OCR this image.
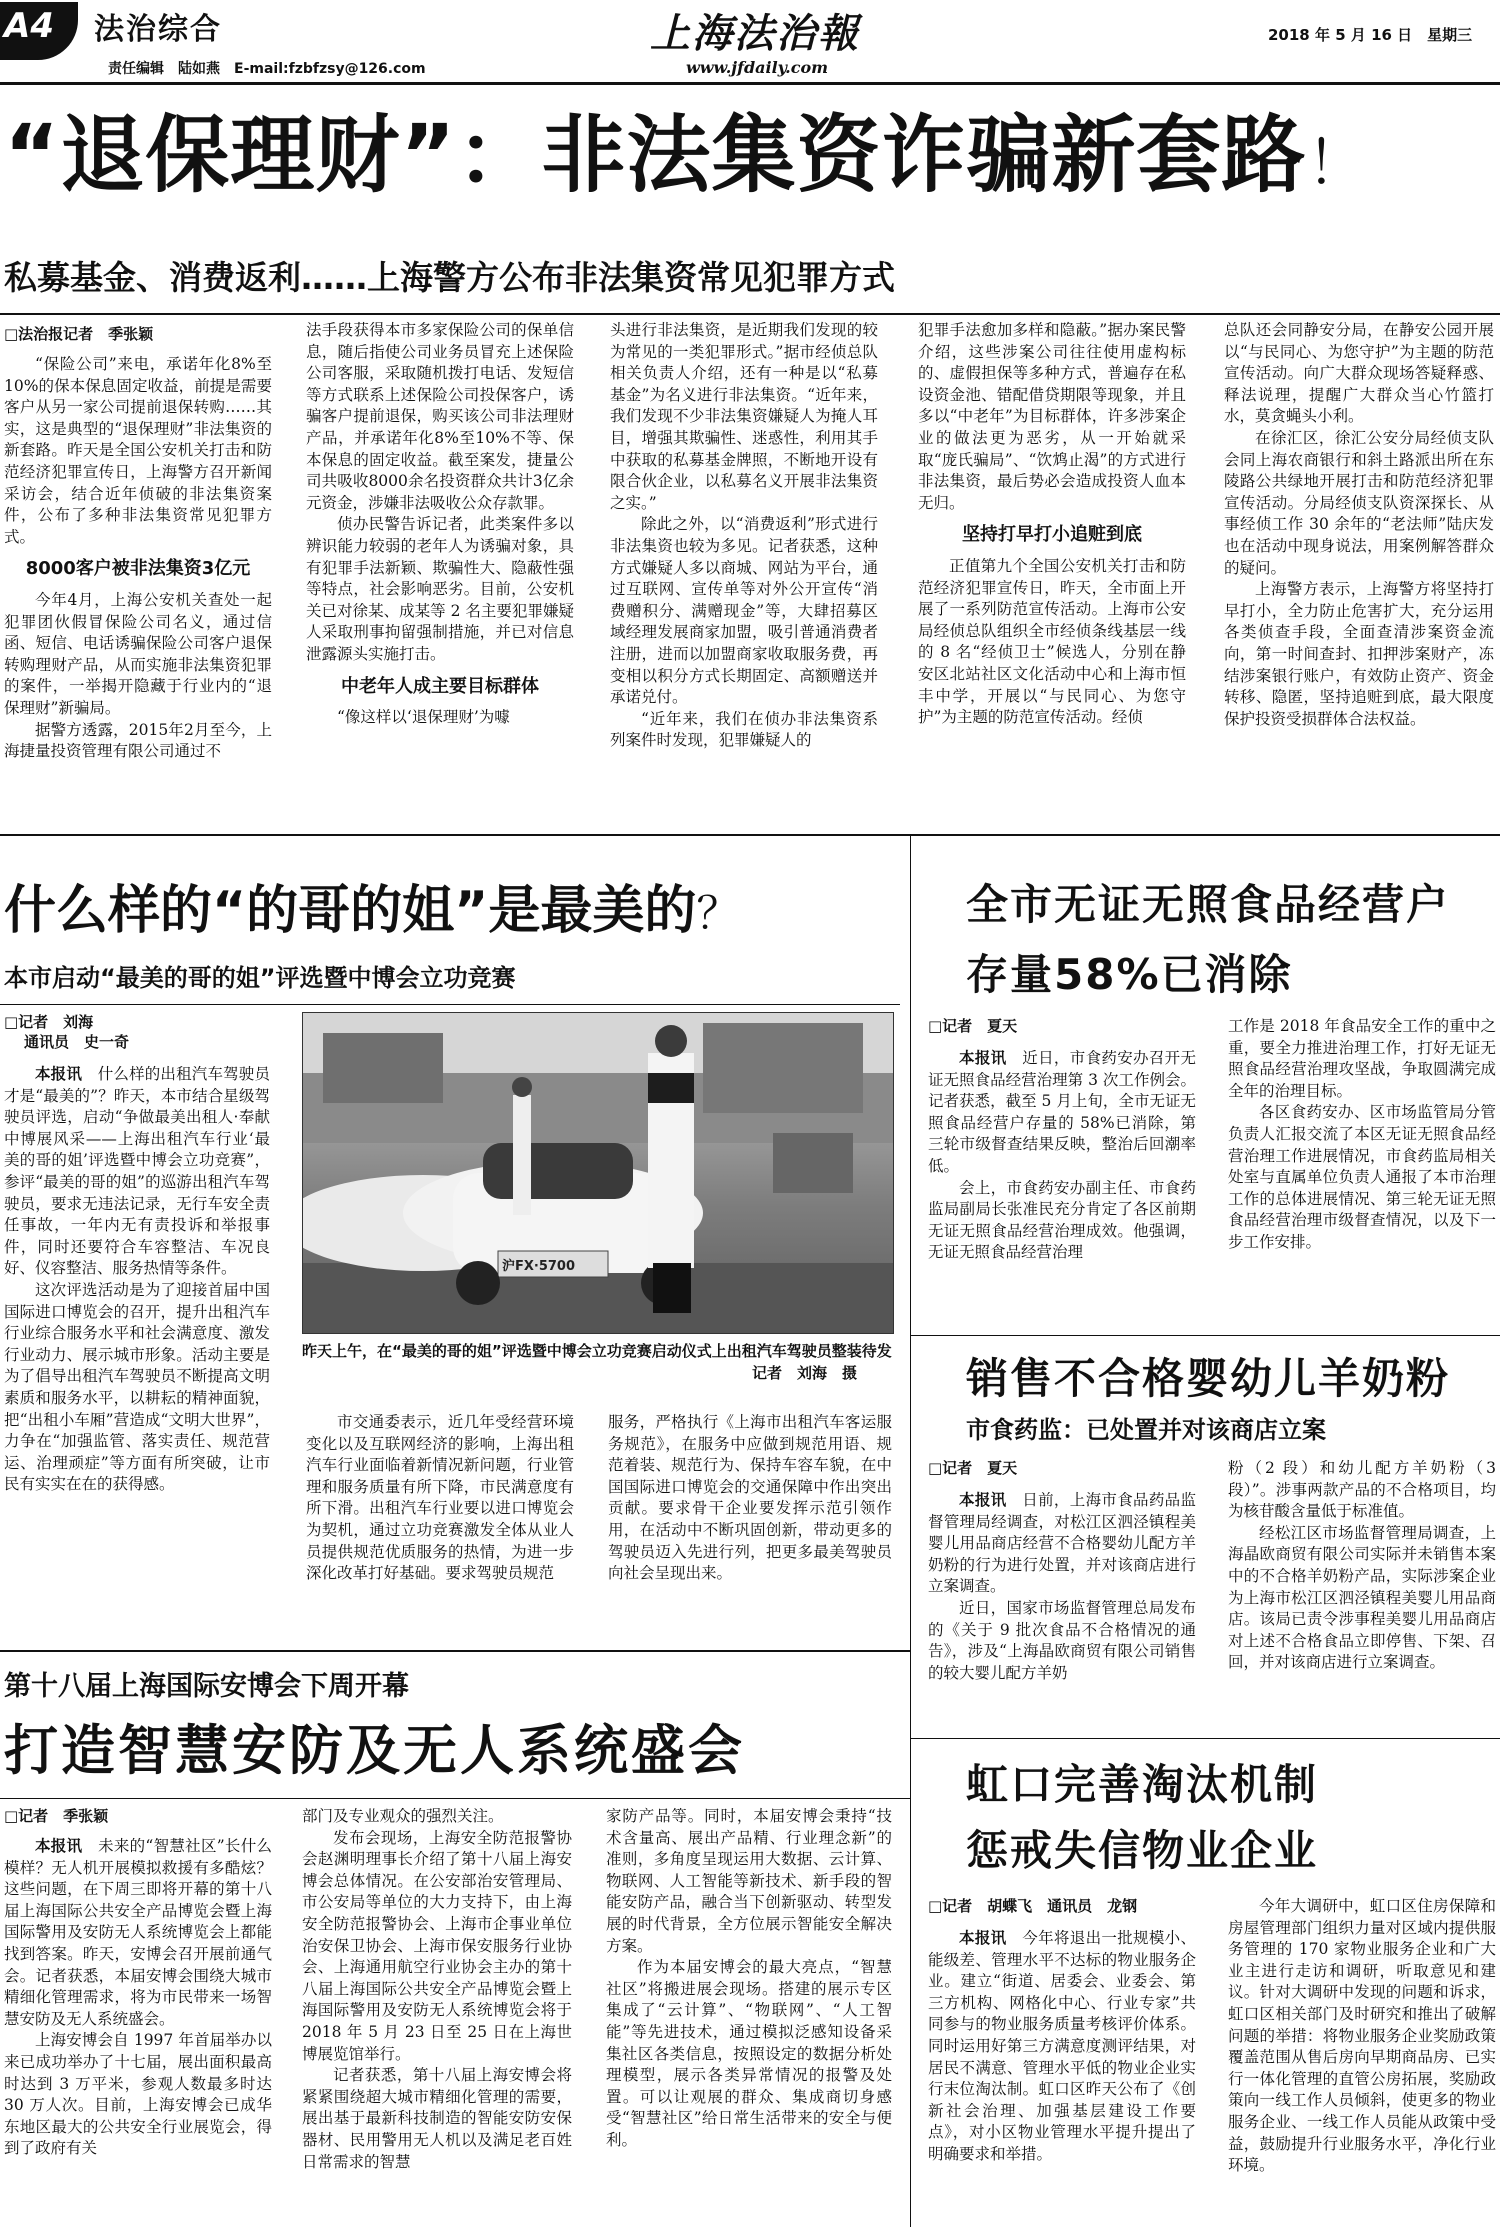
A4 法治综合
责任编辑　陆如燕　E-mail:fzbfzsy@126.com
上海法治報
www.jfdaily.com
2018 年 5 月 16 日　星期三
“退保理财”：非法集资诈骗新套路！
私募基金、消费返利……上海警方公布非法集资常见犯罪方式
□法治报记者　季张颖

“保险公司”来电，承诺年化8%至10%的保本保息固定收益，前提是需要客户从另一家公司提前退保转购……其实，这是典型的“退保理财”非法集资的新套路。昨天是全国公安机关打击和防范经济犯罪宣传日，上海警方召开新闻采访会，结合近年侦破的非法集资案件，公布了多种非法集资常见犯罪方式。

8000客户被非法集资3亿元

今年4月，上海公安机关查处一起犯罪团伙假冒保险公司名义，通过信函、短信、电话诱骗保险公司客户退保转购理财产品，从而实施非法集资犯罪的案件，一举揭开隐藏于行业内的“退保理财”新骗局。

据警方透露，2015年2月至今，上海捷量投资管理有限公司通过不

法手段获得本市多家保险公司的保单信息，随后指使公司业务员冒充上述保险公司客服，采取随机拨打电话、发短信等方式联系上述保险公司投保客户，诱骗客户提前退保，购买该公司非法理财产品，并承诺年化8%至10%不等、保本保息的固定收益。截至案发，捷量公司共吸收8000余名投资群众共计3亿余元资金，涉嫌非法吸收公众存款罪。

侦办民警告诉记者，此类案件多以辨识能力较弱的老年人为诱骗对象，具有犯罪手法新颖、欺骗性大、隐蔽性强等特点，社会影响恶劣。目前，公安机关已对徐某、成某等 2 名主要犯罪嫌疑人采取刑事拘留强制措施，并已对信息泄露源头实施打击。

中老年人成主要目标群体

“像这样以‘退保理财’为噱

头进行非法集资，是近期我们发现的较为常见的一类犯罪形式。”据市经侦总队相关负责人介绍，还有一种是以“私募基金”为名义进行非法集资。“近年来，我们发现不少非法集资嫌疑人为掩人耳目，增强其欺骗性、迷惑性，利用其手中获取的私募基金牌照，不断地开设有限合伙企业，以私募名义开展非法集资之实。”

除此之外，以“消费返利”形式进行非法集资也较为多见。记者获悉，这种方式嫌疑人多以商城、网站为平台，通过互联网、宣传单等对外公开宣传“消费赠积分、满赠现金”等，大肆招募区域经理发展商家加盟，吸引普通消费者注册，进而以加盟商家收取服务费，再变相以积分方式长期固定、高额赠送并承诺兑付。

“近年来，我们在侦办非法集资系列案件时发现，犯罪嫌疑人的

犯罪手法愈加多样和隐蔽。”据办案民警介绍，这些涉案公司往往使用虚构标的、虚假担保等多种方式，普遍存在私设资金池、错配借贷期限等现象，并且多以“中老年”为目标群体，许多涉案企业的做法更为恶劣，从一开始就采取“庞氏骗局”、“饮鸩止渴”的方式进行非法集资，最后势必会造成投资人血本无归。

坚持打早打小追赃到底

正值第九个全国公安机关打击和防范经济犯罪宣传日，昨天，全市面上开展了一系列防范宣传活动。上海市公安局经侦总队组织全市经侦条线基层一线的 8 名“经侦卫士”候选人，分别在静安区北站社区文化活动中心和上海市恒丰中学，开展以“与民同心、为您守护”为主题的防范宣传活动。经侦

总队还会同静安分局，在静安公园开展以“与民同心、为您守护”为主题的防范宣传活动。向广大群众现场答疑释惑、释法说理，提醒广大群众当心竹篮打水，莫贪蝇头小利。

在徐汇区，徐汇公安分局经侦支队会同上海农商银行和斜土路派出所在东陵路公共绿地开展打击和防范经济犯罪宣传活动。分局经侦支队资深探长、从事经侦工作 30 余年的“老法师”陆庆发也在活动中现身说法，用案例解答群众的疑问。

上海警方表示，上海警方将坚持打早打小，全力防止危害扩大，充分运用各类侦查手段，全面查清涉案资金流向，第一时间查封、扣押涉案财产，冻结涉案银行账户，有效防止资产、资金转移、隐匿，坚持追赃到底，最大限度保护投资受损群体合法权益。

什么样的“的哥的姐”是最美的？
本市启动“最美的哥的姐”评选暨中博会立功竞赛
□记者　刘海
通讯员　史一奇

本报讯　 什么样的出租汽车驾驶员才是“最美的”？昨天，本市结合星级驾驶员评选，启动“争做最美出租人·奉献中博展风采——上海出租汽车行业‘最美的哥的姐’评选暨中博会立功竞赛”，参评“最美的哥的姐”的巡游出租汽车驾驶员，要求无违法记录，无行车安全责任事故，一年内无有责投诉和举报事件，同时还要符合车容整洁、车况良好、仪容整洁、服务热情等条件。

这次评选活动是为了迎接首届中国国际进口博览会的召开，提升出租汽车行业综合服务水平和社会满意度、激发行业动力、展示城市形象。活动主要是为了倡导出租汽车驾驶员不断提高文明素质和服务水平，以耕耘的精神面貌，把“出租小车厢”营造成“文明大世界”，力争在“加强监管、落实责任、规范营运、治理顽症”等方面有所突破，让市民有实实在在的获得感。

沪FX·5700
昨天上午，在“最美的哥的姐”评选暨中博会立功竞赛启动仪式上出租汽车驾驶员整装待发
记者　刘海　摄

市交通委表示，近几年受经营环境变化以及互联网经济的影响，上海出租汽车行业面临着新情况新问题，行业管理和服务质量有所下降，市民满意度有所下滑。出租汽车行业要以进口博览会为契机，通过立功竞赛激发全体从业人员提供规范优质服务的热情，为进一步深化改革打好基础。要求驾驶员规范

服务，严格执行《上海市出租汽车客运服务规范》，在服务中应做到规范用语、规范着装、规范行为、保持车容车貌，在中国国际进口博览会的交通保障中作出突出贡献。要求骨干企业要发挥示范引领作用，在活动中不断巩固创新，带动更多的驾驶员迈入先进行列，把更多最美驾驶员向社会呈现出来。

全市无证无照食品经营户
存量58%已消除
□记者　夏天

本报讯　 近日，市食药安办召开无证无照食品经营治理第 3 次工作例会。记者获悉，截至 5 月上旬，全市无证无照食品经营户存量的 58%已消除，第三轮市级督查结果反映，整治后回潮率低。

会上，市食药安办副主任、市食药监局副局长张准民充分肯定了各区前期无证无照食品经营治理成效。他强调，无证无照食品经营治理

工作是 2018 年食品安全工作的重中之重，要全力推进治理工作，打好无证无照食品经营治理攻坚战，争取圆满完成全年的治理目标。

各区食药安办、区市场监管局分管负责人汇报交流了本区无证无照食品经营治理工作进展情况，市食药监局相关处室与直属单位负责人通报了本市治理工作的总体进展情况、第三轮无证无照食品经营治理市级督查情况，以及下一步工作安排。

销售不合格婴幼儿羊奶粉
市食药监：已处置并对该商店立案
□记者　夏天

本报讯　 日前，上海市食品药品监督管理局经调查，对松江区泗泾镇程美婴儿用品商店经营不合格婴幼儿配方羊奶粉的行为进行处置，并对该商店进行立案调查。

近日，国家市场监督管理总局发布的《关于 9 批次食品不合格情况的通告》，涉及“上海晶欧商贸有限公司销售的较大婴儿配方羊奶

粉（2 段）和幼儿配方羊奶粉（3 段）”。涉事两款产品的不合格项目，均为核苷酸含量低于标准值。

经松江区市场监督管理局调查，上海晶欧商贸有限公司实际并未销售本案中的不合格羊奶粉产品，实际涉案企业为上海市松江区泗泾镇程美婴儿用品商店。该局已责令涉事程美婴儿用品商店对上述不合格食品立即停售、下架、召回，并对该商店进行立案调查。

第十八届上海国际安博会下周开幕
打造智慧安防及无人系统盛会
□记者　季张颖

本报讯　 未来的“智慧社区”长什么模样？无人机开展模拟救援有多酷炫？这些问题，在下周三即将开幕的第十八届上海国际公共安全产品博览会暨上海国际警用及安防无人系统博览会上都能找到答案。昨天，安博会召开展前通气会。记者获悉，本届安博会围绕大城市精细化管理需求，将为市民带来一场智慧安防及无人系统盛会。

上海安博会自 1997 年首届举办以来已成功举办了十七届，展出面积最高时达到 3 万平米，参观人数最多时达 30 万人次。目前，上海安博会已成华东地区最大的公共安全行业展览会，得到了政府有关

部门及专业观众的强烈关注。

发布会现场，上海安全防范报警协会赵渊明理事长介绍了第十八届上海安博会总体情况。在公安部治安管理局、市公安局等单位的大力支持下，由上海安全防范报警协会、上海市企事业单位治安保卫协会、上海市保安服务行业协会、上海通用航空行业协会主办的第十八届上海国际公共安全产品博览会暨上海国际警用及安防无人系统博览会将于 2018 年 5 月 23 日至 25 日在上海世博展览馆举行。

记者获悉，第十八届上海安博会将紧紧围绕超大城市精细化管理的需要，展出基于最新科技制造的智能安防安保器材、民用警用无人机以及满足老百姓日常需求的智慧

家防产品等。同时，本届安博会秉持“技术含量高、展出产品精、行业理念新”的准则，多角度呈现运用大数据、云计算、物联网、人工智能等新技术、新手段的智能安防产品，融合当下创新驱动、转型发展的时代背景，全方位展示智能安全解决方案。

作为本届安博会的最大亮点，“智慧社区”将搬进展会现场。搭建的展示专区集成了“云计算”、“物联网”、“人工智能”等先进技术，通过模拟泛感知设备采集社区各类信息，按照设定的数据分析处理模型，展示各类异常情况的报警及处置。可以让观展的群众、集成商切身感受“智慧社区”给日常生活带来的安全与便利。

虹口完善淘汰机制
惩戒失信物业企业
□记者　胡蝶飞　通讯员　龙钢

本报讯　 今年将退出一批规模小、能级差、管理水平不达标的物业服务企业。建立“街道、居委会、业委会、第三方机构、网格化中心、行业专家”共同参与的物业服务质量考核评价体系。同时运用好第三方满意度测评结果，对居民不满意、管理水平低的物业企业实行末位淘汰制。虹口区昨天公布了《创新社会治理、加强基层建设工作要点》，对小区物业管理水平提升提出了明确要求和举措。

今年大调研中，虹口区住房保障和房屋管理部门组织力量对区域内提供服务管理的 170 家物业服务企业和广大业主进行走访和调研，听取意见和建议。针对大调研中发现的问题和诉求，虹口区相关部门及时研究和推出了破解问题的举措：将物业服务企业奖励政策覆盖范围从售后房向早期商品房、已实行一体化管理的直管公房拓展，奖励政策向一线工作人员倾斜，使更多的物业服务企业、一线工作人员能从政策中受益，鼓励提升行业服务水平，净化行业环境。
